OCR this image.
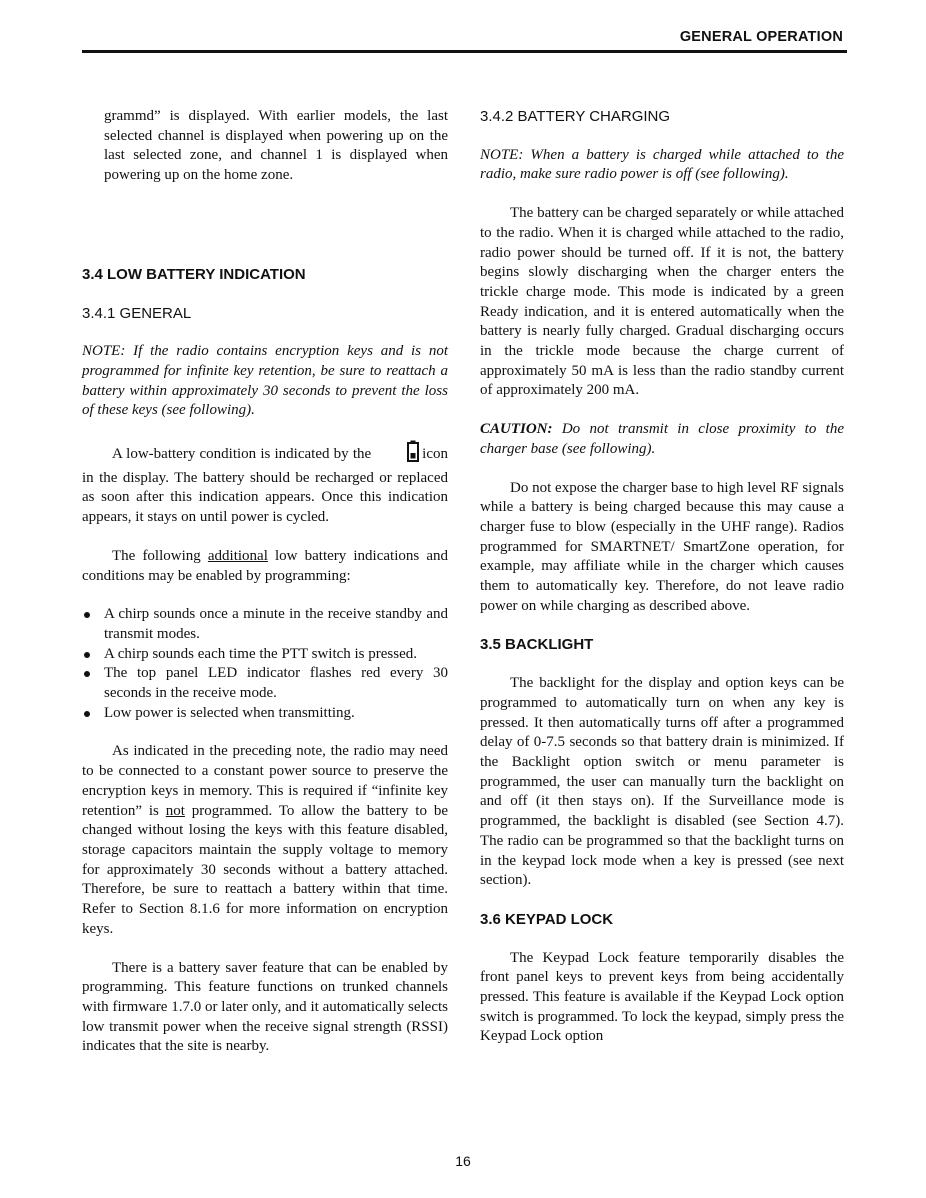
GENERAL OPERATION

grammd” is displayed. With earlier models, the last selected channel is displayed when powering up on the last selected zone, and channel 1 is displayed when powering up on the home zone.

3.4 LOW BATTERY INDICATION

3.4.1 GENERAL

NOTE: If the radio contains encryption keys and is not programmed for infinite key retention, be sure to reattach a battery within approximately 30 seconds to prevent the loss of these keys (see following).

A low-battery condition is indicated by the	icon in the display. The battery should be recharged or replaced as soon after this indication appears. Once this indication appears, it stays on until power is cycled.

The following additional low battery indications and conditions may be enabled by programming:

A chirp sounds once a minute in the receive standby and transmit modes.
A chirp sounds each time the PTT switch is pressed.
The top panel LED indicator flashes red every 30 seconds in the receive mode.
Low power is selected when transmitting.

As indicated in the preceding note, the radio may need to be connected to a constant power source to preserve the encryption keys in memory. This is required if “infinite key retention” is not programmed. To allow the battery to be changed without losing the keys with this feature disabled, storage capacitors maintain the supply voltage to memory for approximately 30 seconds without a battery attached. Therefore, be sure to reattach a battery within that time. Refer to Section 8.1.6 for more information on encryption keys.

There is a battery saver feature that can be enabled by programming. This feature functions on trunked channels with firmware 1.7.0 or later only, and it automatically selects low transmit power when the receive signal strength (RSSI) indicates that the site is nearby.

3.4.2 BATTERY CHARGING

NOTE: When a battery is charged while attached to the radio, make sure radio power is off (see following).

The battery can be charged separately or while attached to the radio. When it is charged while attached to the radio, radio power should be turned off. If it is not, the battery begins slowly discharging when the charger enters the trickle charge mode. This mode is indicated by a green Ready indication, and it is entered automatically when the battery is nearly fully charged. Gradual discharging occurs in the trickle mode because the charge current of approximately 50 mA is less than the radio standby current of approximately 200 mA.

CAUTION: Do not transmit in close proximity to the charger base (see following).

Do not expose the charger base to high level RF signals while a battery is being charged because this may cause a charger fuse to blow (especially in the UHF range). Radios programmed for SMARTNET/ SmartZone operation, for example, may affiliate while in the charger which causes them to automatically key. Therefore, do not leave radio power on while charging as described above.

3.5 BACKLIGHT

The backlight for the display and option keys can be programmed to automatically turn on when any key is pressed. It then automatically turns off after a programmed delay of 0-7.5 seconds so that battery drain is minimized. If the Backlight option switch or menu parameter is programmed, the user can manually turn the backlight on and off (it then stays on). If the Surveillance mode is programmed, the backlight is disabled (see Section 4.7). The radio can be programmed so that the backlight turns on in the keypad lock mode when a key is pressed (see next section).

3.6 KEYPAD LOCK

The Keypad Lock feature temporarily disables the front panel keys to prevent keys from being accidentally pressed. This feature is available if the Keypad Lock option switch is programmed. To lock the keypad, simply press the Keypad Lock option

16
